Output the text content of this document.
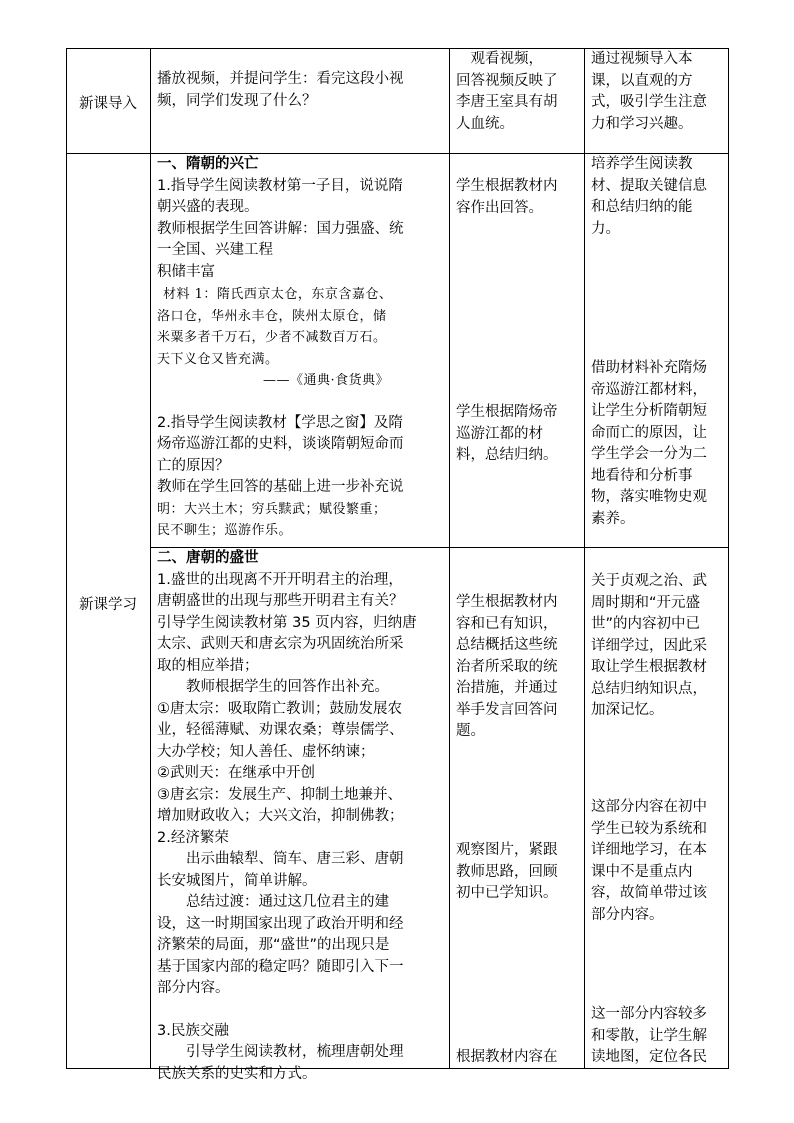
新课导入
播放视频，并提问学生：看完这段小视
频，同学们发现了什么？
　观看视频，
回答视频反映了
李唐王室具有胡
人血统。
通过视频导入本
课，以直观的方
式，吸引学生注意
力和学习兴趣。
新课学习
一、隋朝的兴亡
1.指导学生阅读教材第一子目，说说隋
朝兴盛的表现。
教师根据学生回答讲解：国力强盛、统
一全国、兴建工程
积储丰富
材料 1：隋氏西京太仓，东京含嘉仓、
洛口仓，华州永丰仓，陕州太原仓，储
米粟多者千万石，少者不减数百万石。
天下义仓又皆充满。
——《通典·食货典》
2.指导学生阅读教材【学思之窗】及隋
炀帝巡游江都的史料，谈谈隋朝短命而
亡的原因？
教师在学生回答的基础上进一步补充说
明：大兴土木；穷兵黩武；赋役繁重；
民不聊生；巡游作乐。
学生根据教材内
容作出回答。
学生根据隋炀帝
巡游江都的材
料，总结归纳。
培养学生阅读教
材、提取关键信息
和总结归纳的能
力。
借助材料补充隋炀
帝巡游江都材料，
让学生分析隋朝短
命而亡的原因，让
学生学会一分为二
地看待和分析事
物，落实唯物史观
素养。
二、唐朝的盛世
1.盛世的出现离不开开明君主的治理，
唐朝盛世的出现与那些开明君主有关？
引导学生阅读教材第 35 页内容，归纳唐
太宗、武则天和唐玄宗为巩固统治所采
取的相应举措；
　　教师根据学生的回答作出补充。
①唐太宗：吸取隋亡教训；鼓励发展农
业，轻徭薄赋、劝课农桑；尊崇儒学、
大办学校；知人善任、虚怀纳谏；
②武则天：在继承中开创
③唐玄宗：发展生产、抑制土地兼并、
增加财政收入；大兴文治，抑制佛教；
2.经济繁荣
　　出示曲辕犁、筒车、唐三彩、唐朝
长安城图片，简单讲解。
　　总结过渡：通过这几位君主的建
设，这一时期国家出现了政治开明和经
济繁荣的局面，那“盛世”的出现只是
基于国家内部的稳定吗？随即引入下一
部分内容。
3.民族交融
　　引导学生阅读教材，梳理唐朝处理
民族关系的史实和方式。
学生根据教材内
容和已有知识，
总结概括这些统
治者所采取的统
治措施，并通过
举手发言回答问
题。
观察图片，紧跟
教师思路，回顾
初中已学知识。
根据教材内容在
关于贞观之治、武
周时期和“开元盛
世”的内容初中已
详细学过，因此采
取让学生根据教材
总结归纳知识点，
加深记忆。
这部分内容在初中
学生已较为系统和
详细地学习，在本
课中不是重点内
容，故简单带过该
部分内容。
这一部分内容较多
和零散，让学生解
读地图，定位各民
